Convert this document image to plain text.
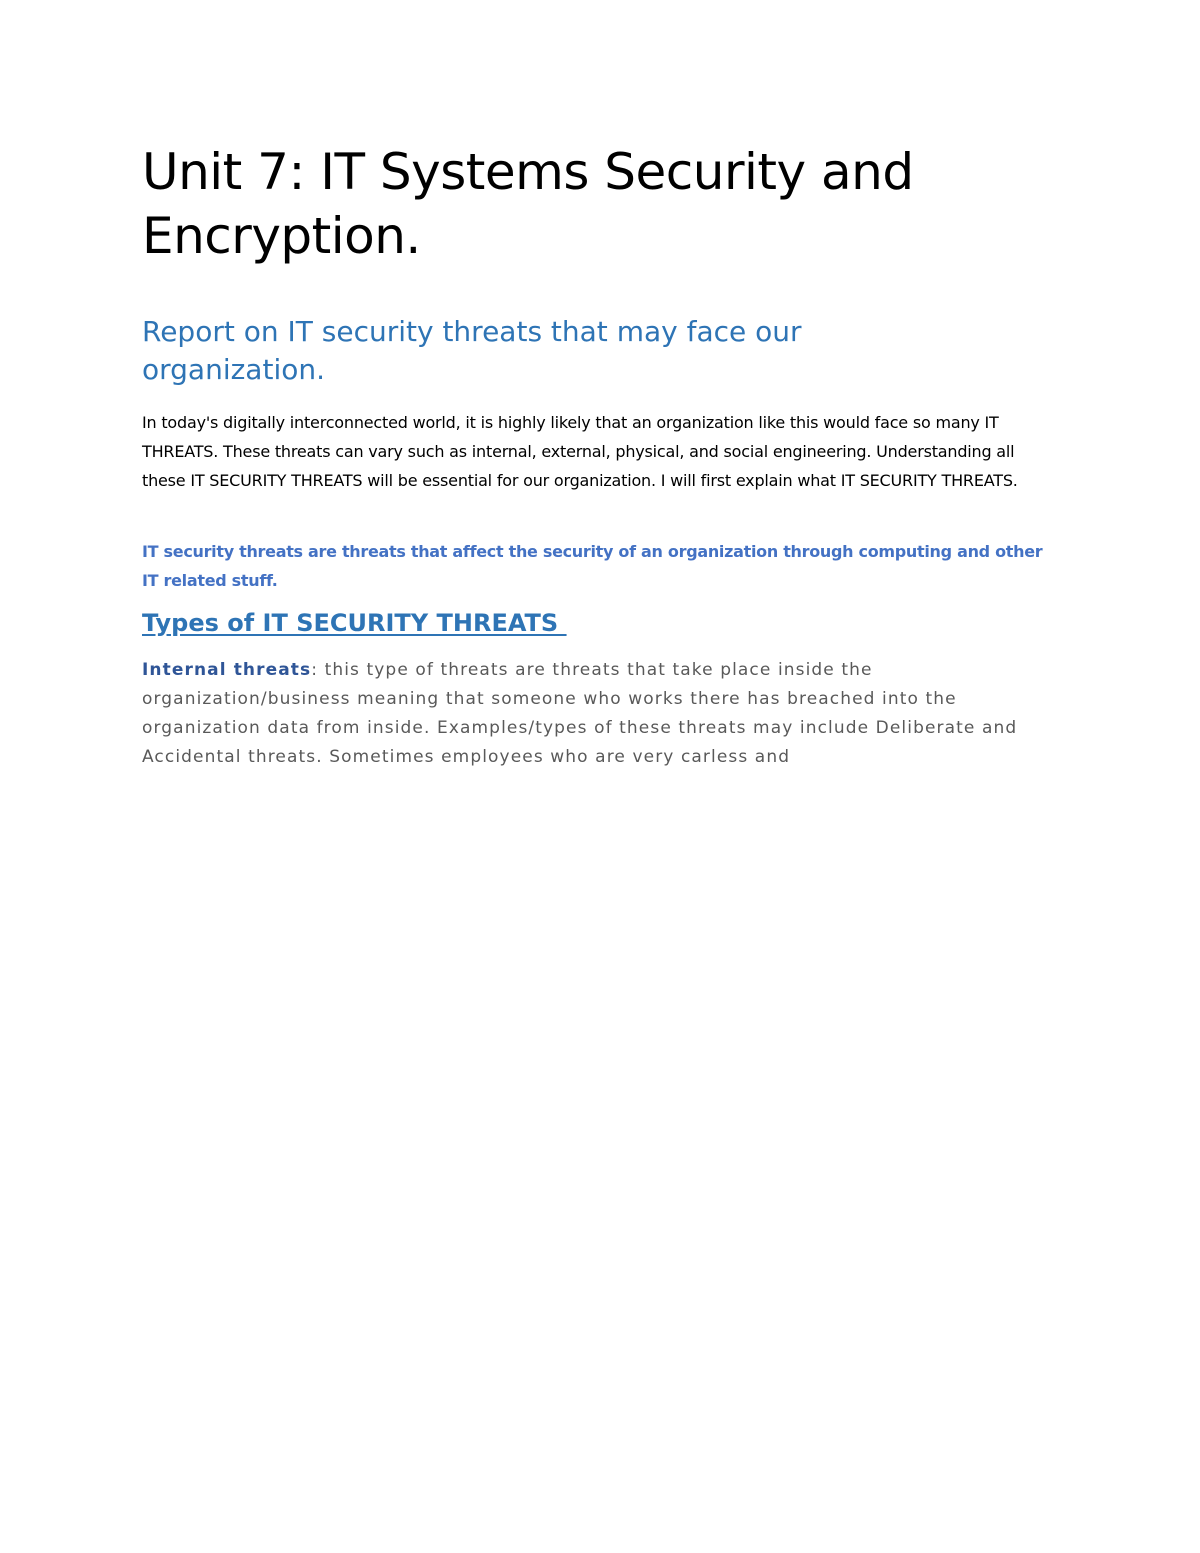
Unit 7: IT Systems Security and Encryption.
Report on IT security threats that may face our organization.

In today's digitally interconnected world, it is highly likely that an organization like this would face so many IT THREATS. These threats can vary such as internal, external, physical, and social engineering. Understanding all these IT SECURITY THREATS will be essential for our organization. I will first explain what IT SECURITY THREATS.

IT security threats are threats that affect the security of an organization through computing and other IT related stuff.

Types of IT SECURITY THREATS

Internal threats: this type of threats are threats that take place inside the organization/business meaning that someone who works there has breached into the organization data from inside. Examples/types of these threats may include Deliberate and Accidental threats. Sometimes employees who are very carless and
